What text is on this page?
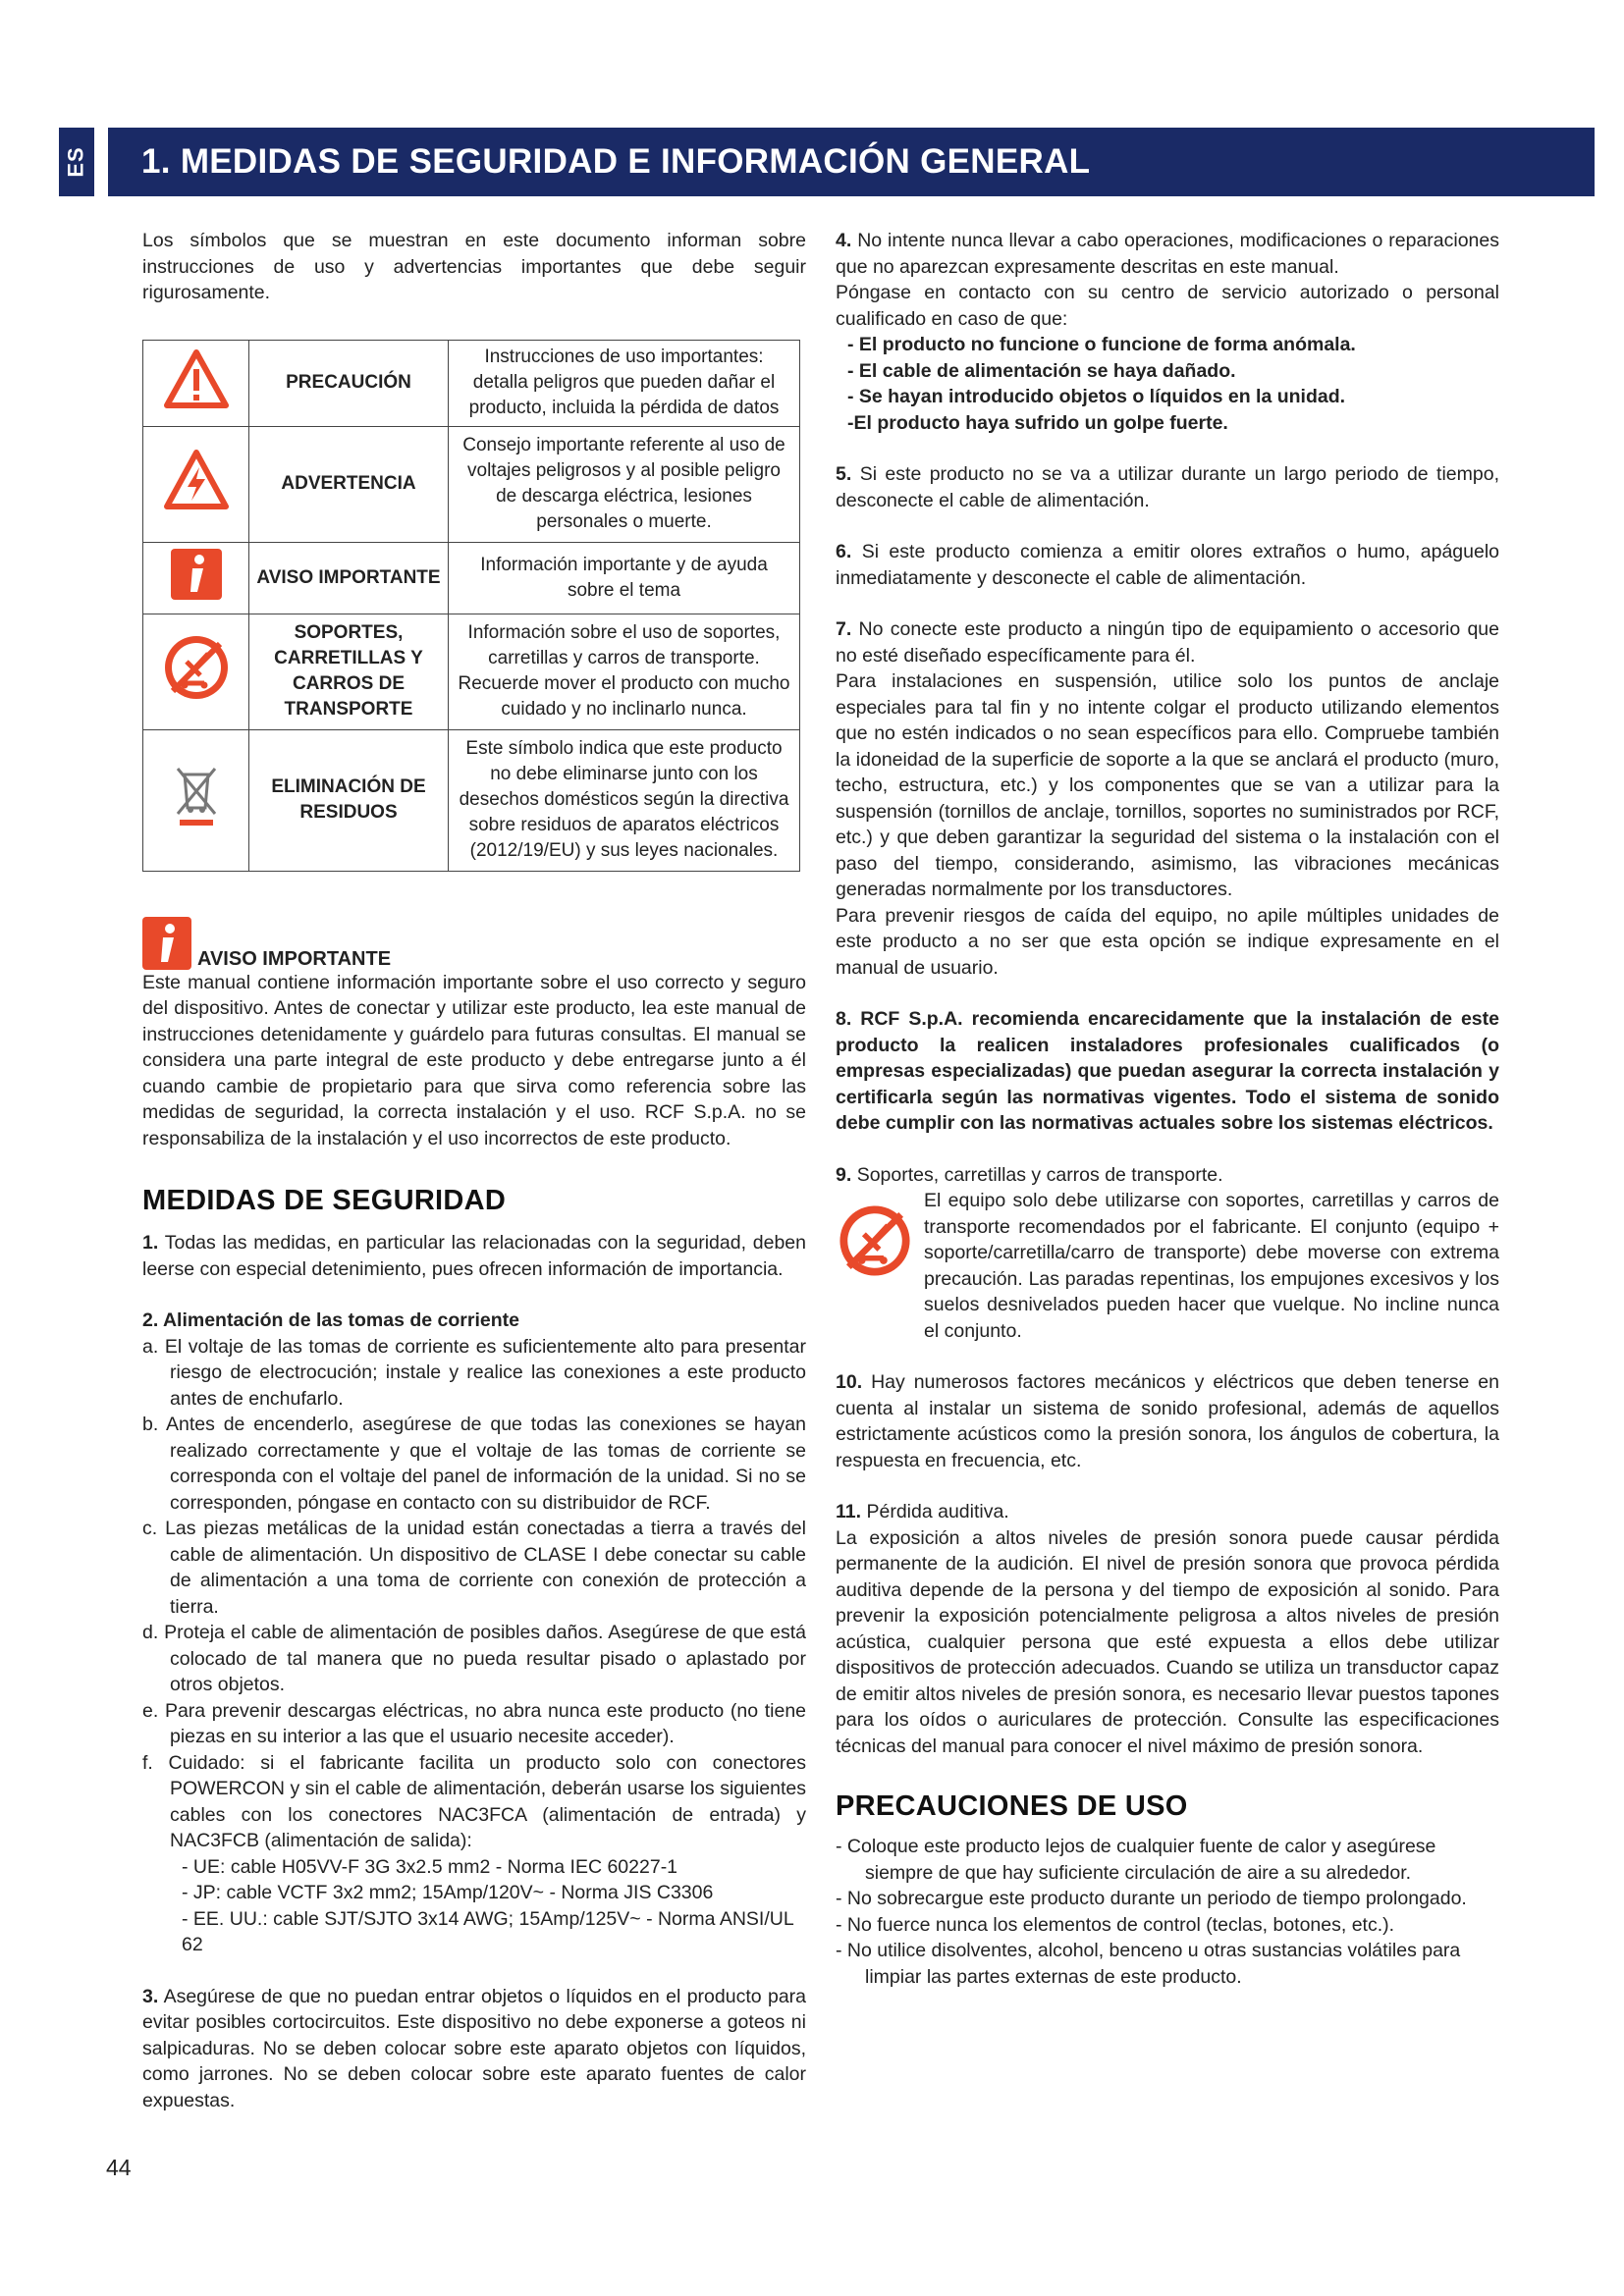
ES 1. MEDIDAS DE SEGURIDAD E INFORMACIÓN GENERAL

Los símbolos que se muestran en este documento informan sobre instrucciones de uso y advertencias importantes que debe seguir rigurosamente.

	PRECAUCIÓN	Instrucciones de uso importantes: detalla peligros que pueden dañar el producto, incluida la pérdida de datos
	ADVERTENCIA	Consejo importante referente al uso de voltajes peligrosos y al posible peligro de descarga eléctrica, lesiones personales o muerte.
	AVISO IMPORTANTE	Información importante y de ayuda sobre el tema
	SOPORTES, CARRETILLAS Y CARROS DE TRANSPORTE	Información sobre el uso de soportes, carretillas y carros de transporte. Recuerde mover el producto con mucho cuidado y no inclinarlo nunca.
	ELIMINACIÓN DE RESIDUOS	Este símbolo indica que este producto no debe eliminarse junto con los desechos domésticos según la directiva sobre residuos de aparatos eléctricos (2012/19/EU) y sus leyes nacionales.
AVISO IMPORTANTE

Este manual contiene información importante sobre el uso correcto y seguro del dispositivo. Antes de conectar y utilizar este producto, lea este manual de instrucciones detenidamente y guárdelo para futuras consultas. El manual se considera una parte integral de este producto y debe entregarse junto a él cuando cambie de propietario para que sirva como referencia sobre las medidas de seguridad, la correcta instalación y el uso. RCF S.p.A. no se responsabiliza de la instalación y el uso incorrectos de este producto.

MEDIDAS DE SEGURIDAD

1. Todas las medidas, en particular las relacionadas con la seguridad, deben leerse con especial detenimiento, pues ofrecen información de importancia.

2. Alimentación de las tomas de corriente

a. El voltaje de las tomas de corriente es suficientemente alto para presentar riesgo de electrocución; instale y realice las conexiones a este producto antes de enchufarlo.
b. Antes de encenderlo, asegúrese de que todas las conexiones se hayan realizado correctamente y que el voltaje de las tomas de corriente se corresponda con el voltaje del panel de información de la unidad. Si no se corresponden, póngase en contacto con su distribuidor de RCF.
c. Las piezas metálicas de la unidad están conectadas a tierra a través del cable de alimentación. Un dispositivo de CLASE I debe conectar su cable de alimentación a una toma de corriente con conexión de protección a tierra.
d. Proteja el cable de alimentación de posibles daños. Asegúrese de que está colocado de tal manera que no pueda resultar pisado o aplastado por otros objetos.
e. Para prevenir descargas eléctricas, no abra nunca este producto (no tiene piezas en su interior a las que el usuario necesite acceder).
f. Cuidado: si el fabricante facilita un producto solo con conectores POWERCON y sin el cable de alimentación, deberán usarse los siguientes cables con los conectores NAC3FCA (alimentación de entrada) y NAC3FCB (alimentación de salida):
- UE: cable H05VV-F 3G 3x2.5 mm2 - Norma IEC 60227-1
- JP: cable VCTF 3x2 mm2; 15Amp/120V~ - Norma JIS C3306
- EE. UU.: cable SJT/SJTO 3x14 AWG; 15Amp/125V~ - Norma ANSI/UL 62

3. Asegúrese de que no puedan entrar objetos o líquidos en el producto para evitar posibles cortocircuitos. Este dispositivo no debe exponerse a goteos ni salpicaduras. No se deben colocar sobre este aparato objetos con líquidos, como jarrones. No se deben colocar sobre este aparato fuentes de calor expuestas.

4. No intente nunca llevar a cabo operaciones, modificaciones o reparaciones que no aparezcan expresamente descritas en este manual.

Póngase en contacto con su centro de servicio autorizado o personal cualificado en caso de que:

- El producto no funcione o funcione de forma anómala.
- El cable de alimentación se haya dañado.
- Se hayan introducido objetos o líquidos en la unidad.
-El producto haya sufrido un golpe fuerte.

5. Si este producto no se va a utilizar durante un largo periodo de tiempo, desconecte el cable de alimentación.

6. Si este producto comienza a emitir olores extraños o humo, apáguelo inmediatamente y desconecte el cable de alimentación.

7. No conecte este producto a ningún tipo de equipamiento o accesorio que no esté diseñado específicamente para él.

Para instalaciones en suspensión, utilice solo los puntos de anclaje especiales para tal fin y no intente colgar el producto utilizando elementos que no estén indicados o no sean específicos para ello. Compruebe también la idoneidad de la superficie de soporte a la que se anclará el producto (muro, techo, estructura, etc.) y los componentes que se van a utilizar para la suspensión (tornillos de anclaje, tornillos, soportes no suministrados por RCF, etc.) y que deben garantizar la seguridad del sistema o la instalación con el paso del tiempo, considerando, asimismo, las vibraciones mecánicas generadas normalmente por los transductores.

Para prevenir riesgos de caída del equipo, no apile múltiples unidades de este producto a no ser que esta opción se indique expresamente en el manual de usuario.

8. RCF S.p.A. recomienda encarecidamente que la instalación de este producto la realicen instaladores profesionales cualificados (o empresas especializadas) que puedan asegurar la correcta instalación y certificarla según las normativas vigentes. Todo el sistema de sonido debe cumplir con las normativas actuales sobre los sistemas eléctricos.

9. Soportes, carretillas y carros de transporte.

El equipo solo debe utilizarse con soportes, carretillas y carros de transporte recomendados por el fabricante. El conjunto (equipo + soporte/carretilla/carro de transporte) debe moverse con extrema precaución. Las paradas repentinas, los empujones excesivos y los suelos desnivelados pueden hacer que vuelque. No incline nunca el conjunto.

10. Hay numerosos factores mecánicos y eléctricos que deben tenerse en cuenta al instalar un sistema de sonido profesional, además de aquellos estrictamente acústicos como la presión sonora, los ángulos de cobertura, la respuesta en frecuencia, etc.

11. Pérdida auditiva.

La exposición a altos niveles de presión sonora puede causar pérdida permanente de la audición. El nivel de presión sonora que provoca pérdida auditiva depende de la persona y del tiempo de exposición al sonido. Para prevenir la exposición potencialmente peligrosa a altos niveles de presión acústica, cualquier persona que esté expuesta a ellos debe utilizar dispositivos de protección adecuados. Cuando se utiliza un transductor capaz de emitir altos niveles de presión sonora, es necesario llevar puestos tapones para los oídos o auriculares de protección. Consulte las especificaciones técnicas del manual para conocer el nivel máximo de presión sonora.

PRECAUCIONES DE USO
- Coloque este producto lejos de cualquier fuente de calor y asegúrese siempre de que hay suficiente circulación de aire a su alrededor.
- No sobrecargue este producto durante un periodo de tiempo prolongado.
- No fuerce nunca los elementos de control (teclas, botones, etc.).
- No utilice disolventes, alcohol, benceno u otras sustancias volátiles para limpiar las partes externas de este producto.
44
